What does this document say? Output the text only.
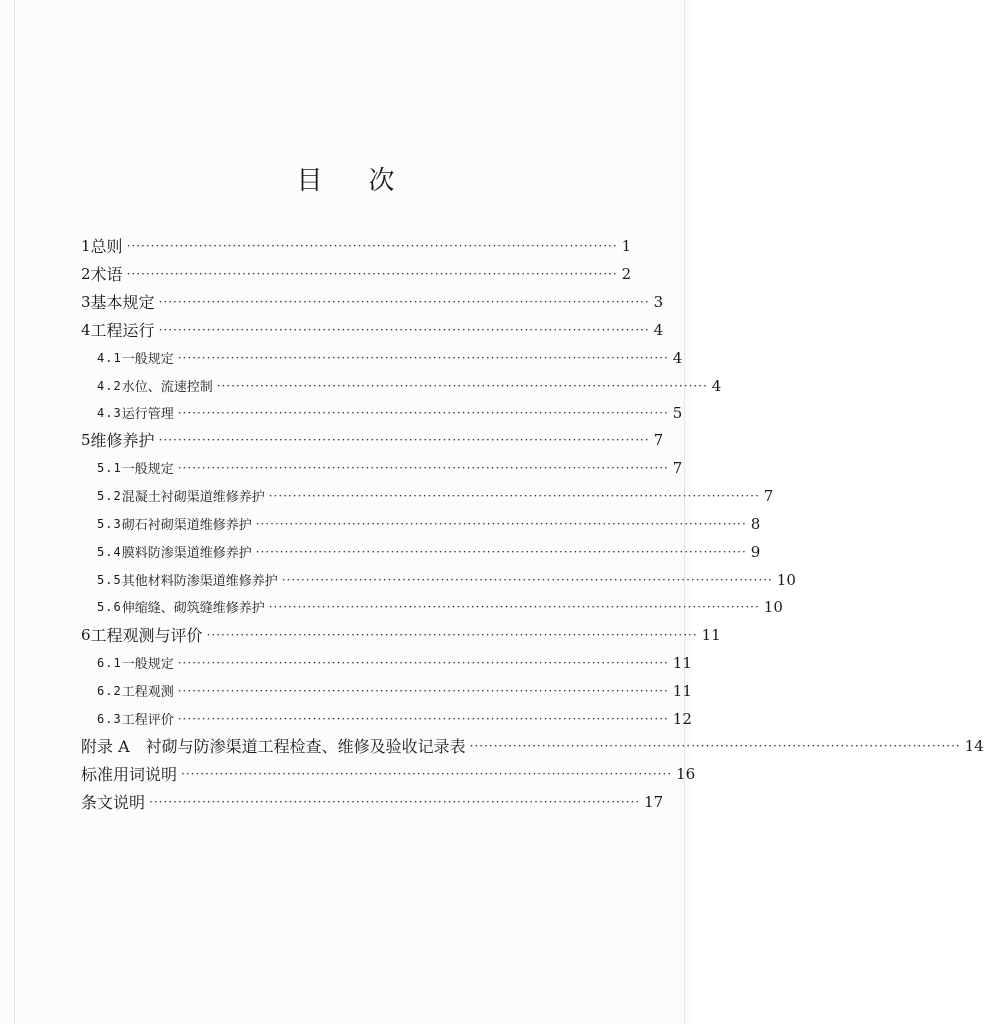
目 次
1 总则 ······································································································ 1
2 术语 ······································································································ 2
3 基本规定 ······································································································ 3
4 工程运行 ······································································································ 4
4.1 一般规定 ······································································································ 4
4.2 水位、流速控制 ······································································································ 4
4.3 运行管理 ······································································································ 5
5 维修养护 ······································································································ 7
5.1 一般规定 ······································································································ 7
5.2 混凝土衬砌渠道维修养护 ······································································································ 7
5.3 砌石衬砌渠道维修养护 ······································································································ 8
5.4 膜料防渗渠道维修养护 ······································································································ 9
5.5 其他材料防渗渠道维修养护 ······································································································ 10
5.6 伸缩缝、砌筑缝维修养护 ······································································································ 10
6 工程观测与评价 ······································································································ 11
6.1 一般规定 ······································································································ 11
6.2 工程观测 ······································································································ 11
6.3 工程评价 ······································································································ 12
附录 A　衬砌与防渗渠道工程检查、维修及验收记录表 ······································································································ 14
标准用词说明 ······································································································ 16
条文说明 ······································································································ 17
